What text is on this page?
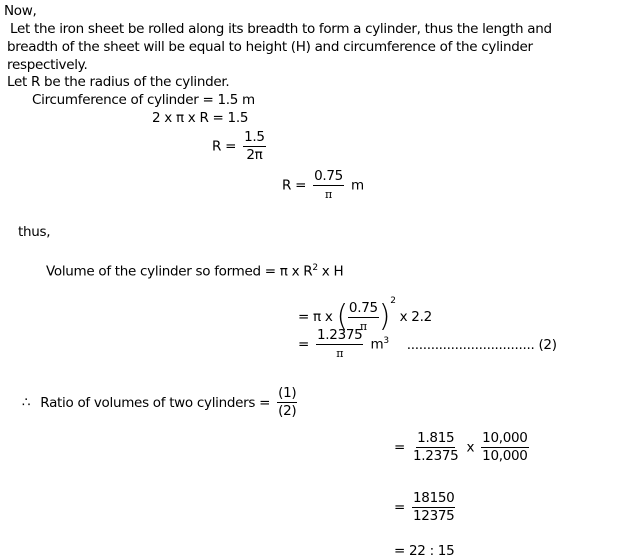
Now,
Let the iron sheet be rolled along its breadth to form a cylinder, thus the length and
breadth of the sheet will be equal to height (H) and circumference of the cylinder
respectively.
Let R be the radius of the cylinder.
Circumference of cylinder = 1.5 m
2 x π x R = 1.5
$R = \frac{1.5}{2\pi}$
$R = \frac{0.75}{\pi}$ m
thus,
Volume of the cylinder so formed = π x $R^2$ x H
= π x ( $\frac{0.75}{\pi} )^2$ x 2.2
= $\frac{1.2375}{\pi} m^3$ ................................ (2)
∴ Ratio of volumes of two cylinders = $\frac{(1)}{(2)}$
= $\frac{1.815}{1.2375}$ x $\frac{10,000}{10,000}$
= $\frac{18150}{12375}$
= 22 : 15
